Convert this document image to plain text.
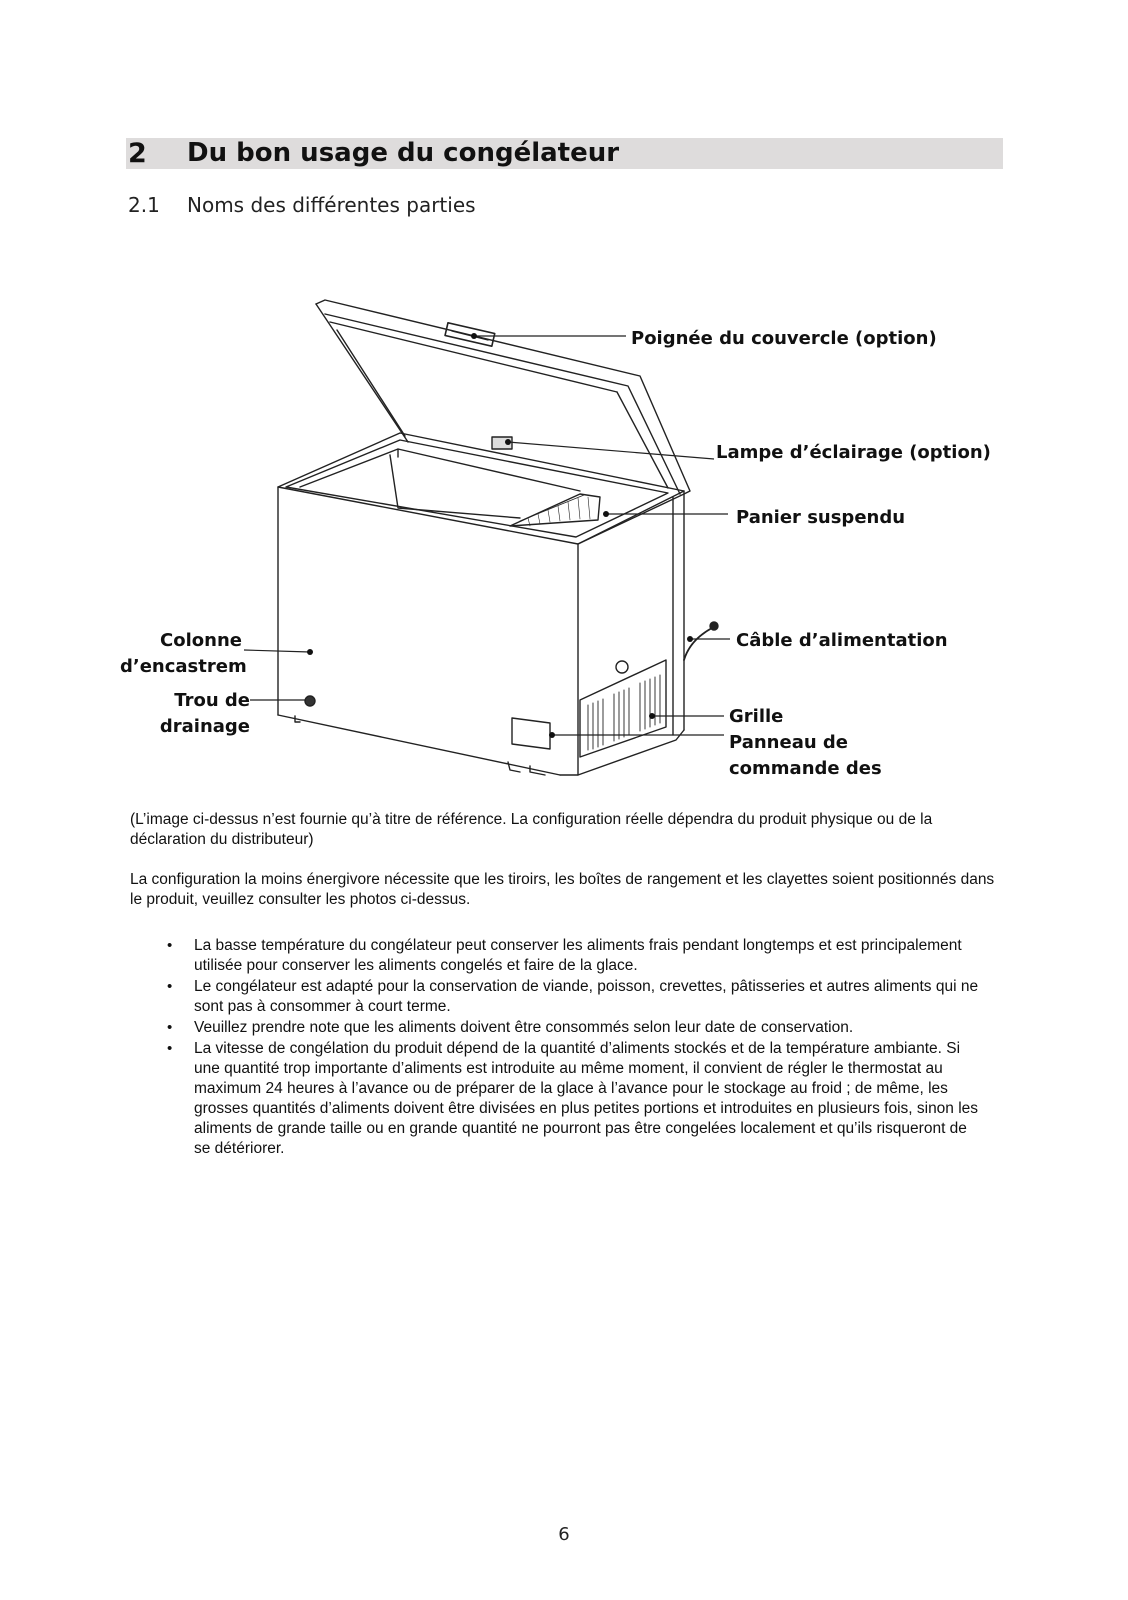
2 Du bon usage du congélateur
2.1 Noms des différentes parties
Poignée du couvercle (option)
Lampe d’éclairage (option)
Panier suspendu
Câble d’alimentation
Grille
Panneau de
commande des
Colonne
d’encastrem
Trou de
drainage
(L’image ci-dessus n’est fournie qu’à titre de référence. La configuration réelle dépendra du produit physique ou de la déclaration du distributeur)
La configuration la moins énergivore nécessite que les tiroirs, les boîtes de rangement et les clayettes soient positionnés dans le produit, veuillez consulter les photos ci-dessus.
• La basse température du congélateur peut conserver les aliments frais pendant longtemps et est principalement utilisée pour conserver les aliments congelés et faire de la glace.
• Le congélateur est adapté pour la conservation de viande, poisson, crevettes, pâtisseries et autres aliments qui ne sont pas à consommer à court terme.
• Veuillez prendre note que les aliments doivent être consommés selon leur date de conservation.
• La vitesse de congélation du produit dépend de la quantité d’aliments stockés et de la température ambiante. Si une quantité trop importante d’aliments est introduite au même moment, il convient de régler le thermostat au maximum 24 heures à l’avance ou de préparer de la glace à l’avance pour le stockage au froid ; de même, les grosses quantités d’aliments doivent être divisées en plus petites portions et introduites en plusieurs fois, sinon les aliments de grande taille ou en grande quantité ne pourront pas être congelées localement et qu’ils risqueront de se détériorer.
6
